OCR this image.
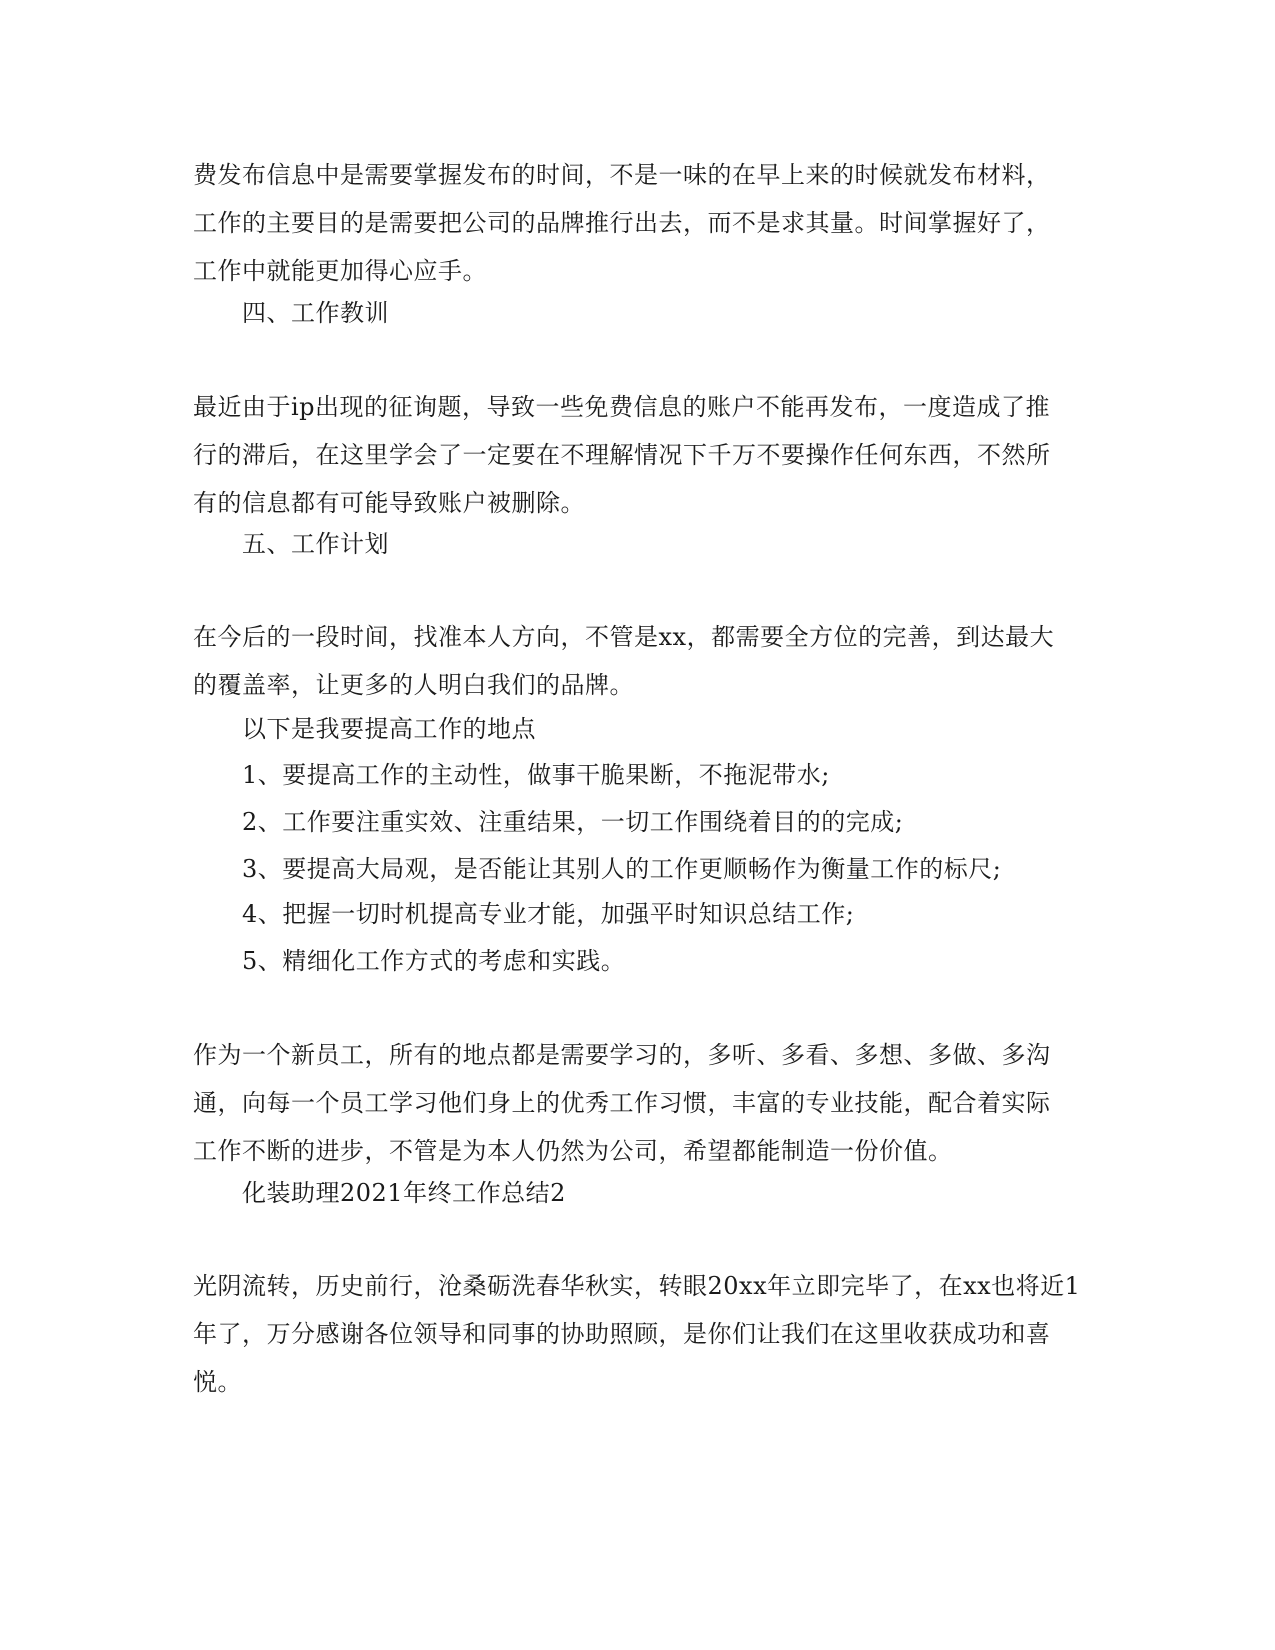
费发布信息中是需要掌握发布的时间，不是一味的在早上来的时候就发布材料，
工作的主要目的是需要把公司的品牌推行出去，而不是求其量。时间掌握好了，
工作中就能更加得心应手。
四、工作教训
最近由于ip出现的征询题，导致一些免费信息的账户不能再发布，一度造成了推
行的滞后，在这里学会了一定要在不理解情况下千万不要操作任何东西，不然所
有的信息都有可能导致账户被删除。
五、工作计划
在今后的一段时间，找准本人方向，不管是xx，都需要全方位的完善，到达最大
的覆盖率，让更多的人明白我们的品牌。
以下是我要提高工作的地点
1、要提高工作的主动性，做事干脆果断，不拖泥带水;
2、工作要注重实效、注重结果，一切工作围绕着目的的完成;
3、要提高大局观，是否能让其别人的工作更顺畅作为衡量工作的标尺;
4、把握一切时机提高专业才能，加强平时知识总结工作;
5、精细化工作方式的考虑和实践。
作为一个新员工，所有的地点都是需要学习的，多听、多看、多想、多做、多沟
通，向每一个员工学习他们身上的优秀工作习惯，丰富的专业技能，配合着实际
工作不断的进步，不管是为本人仍然为公司，希望都能制造一份价值。
化装助理2021年终工作总结2
光阴流转，历史前行，沧桑砺洗春华秋实，转眼20xx年立即完毕了，在xx也将近1
年了，万分感谢各位领导和同事的协助照顾，是你们让我们在这里收获成功和喜
悦。
